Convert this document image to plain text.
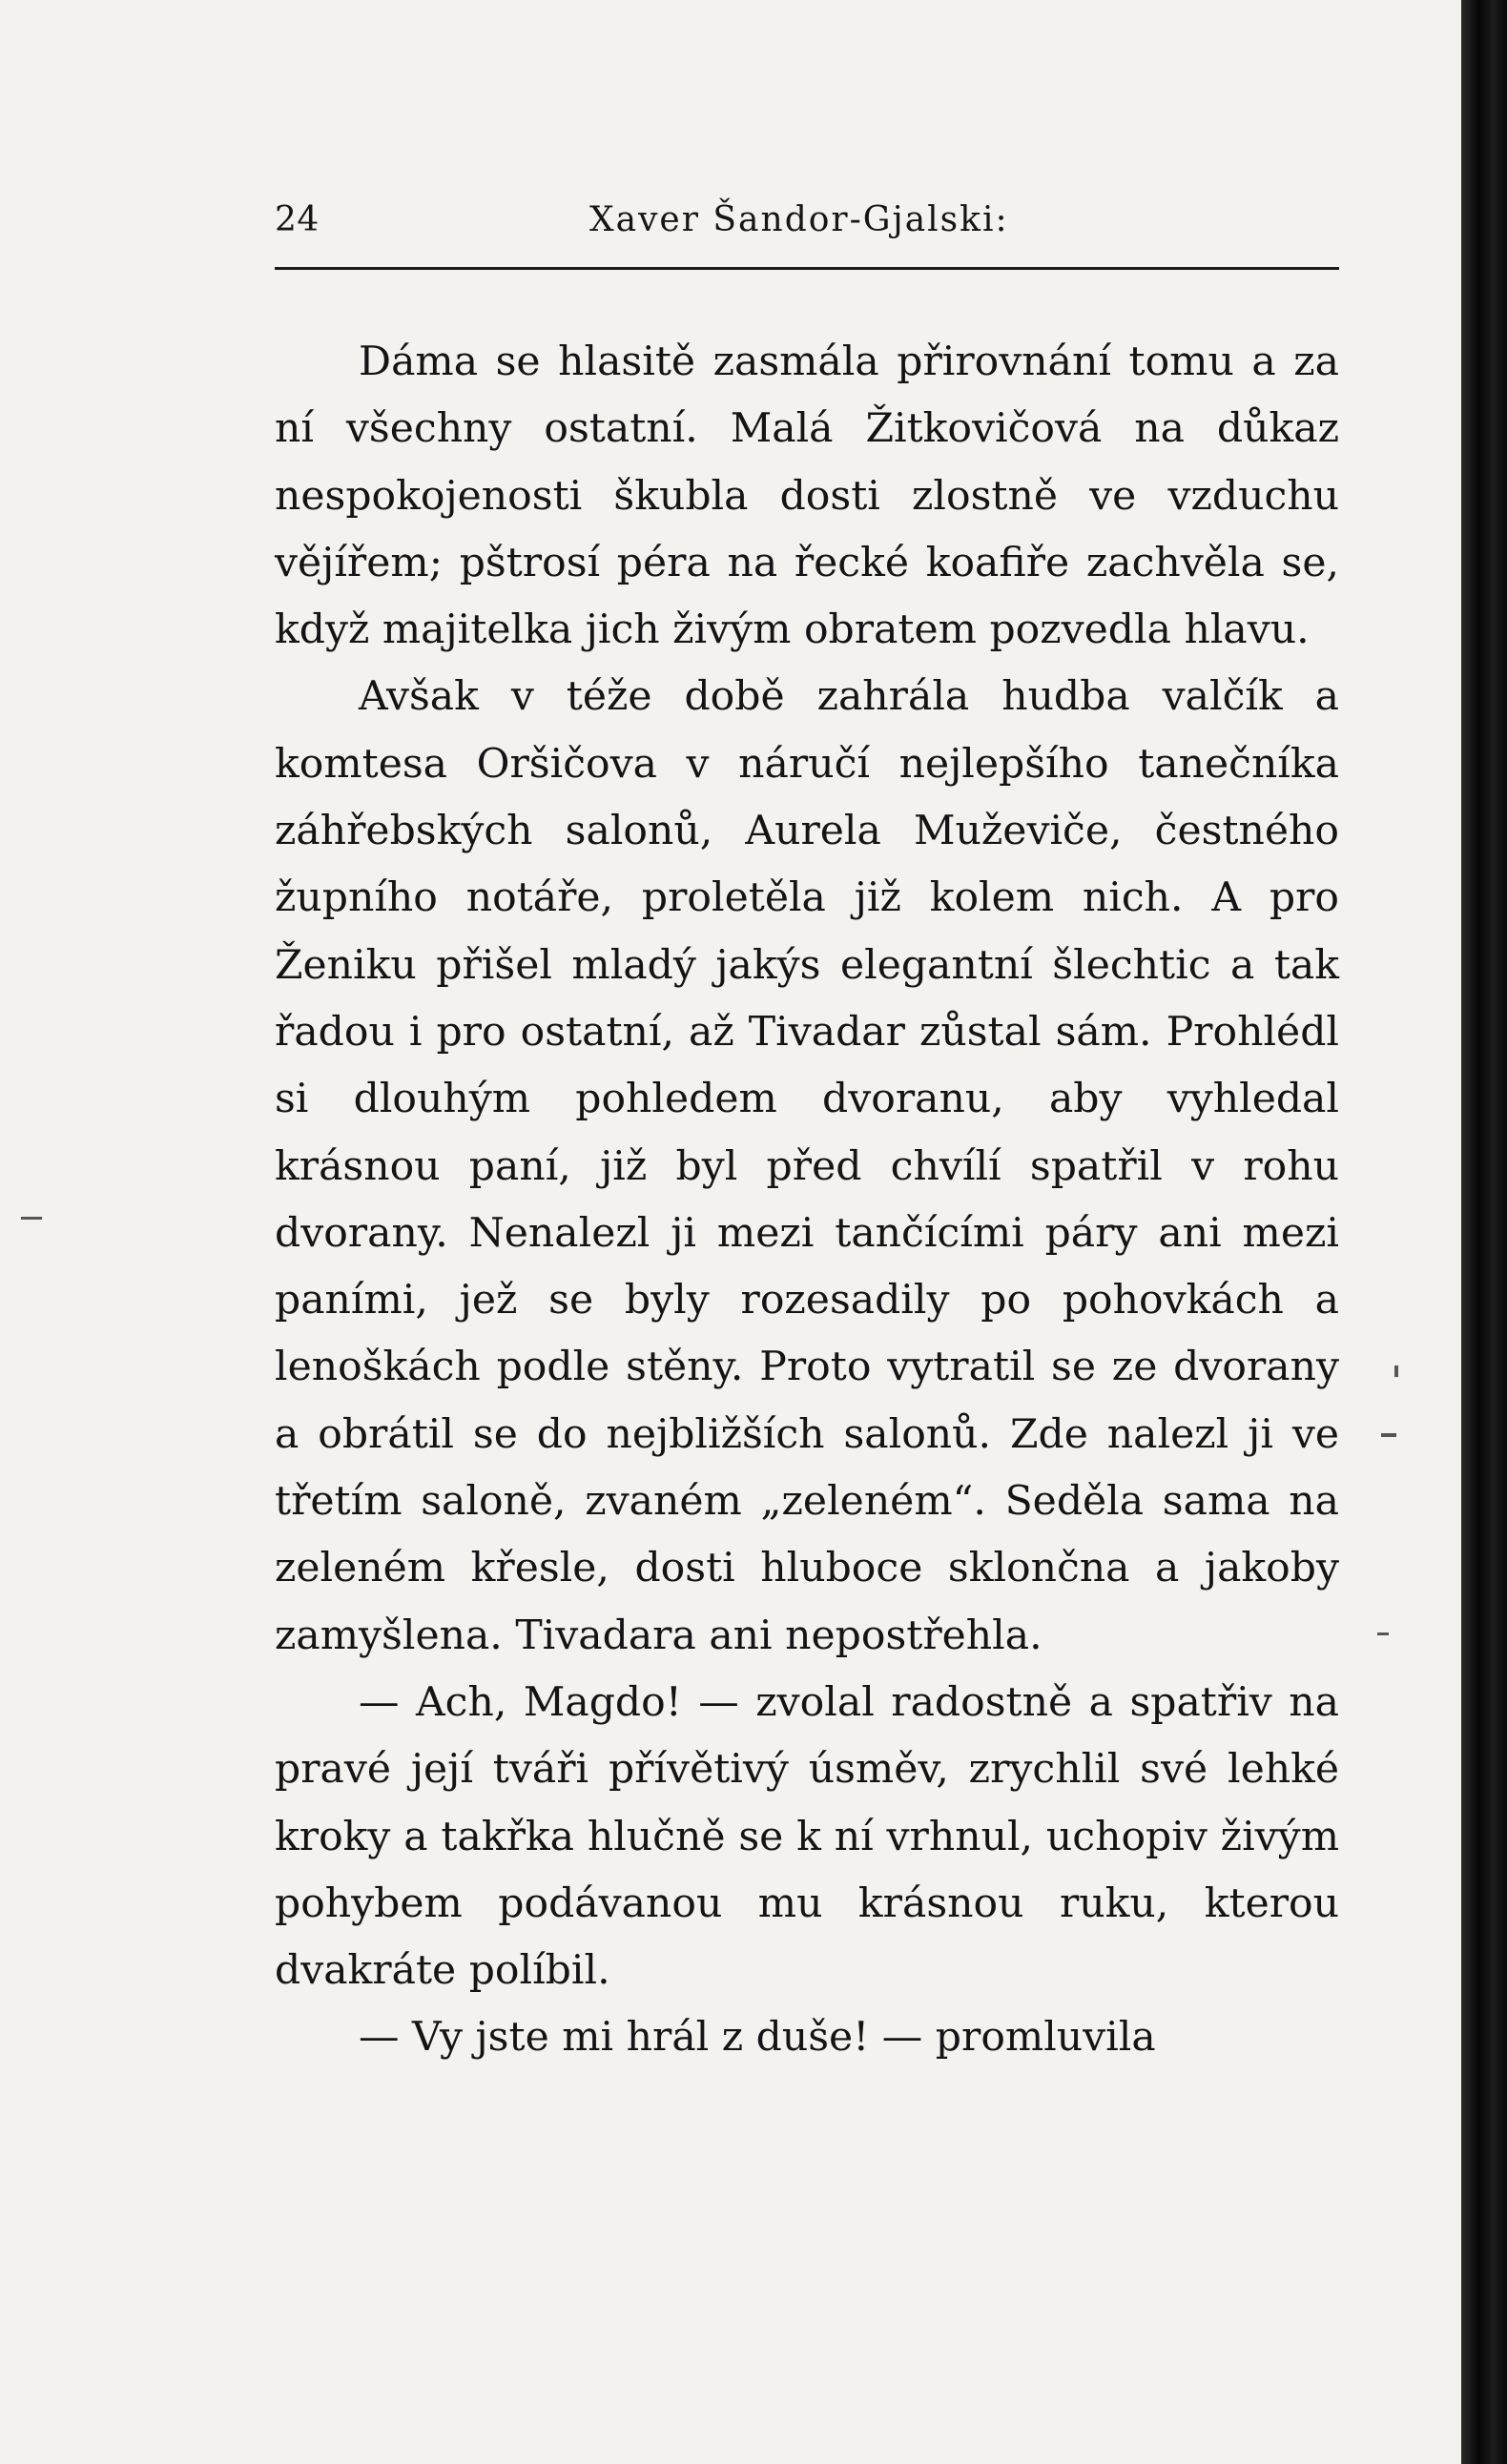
24	Xaver Šandor-Gjalski:

Dáma se hlasitě zasmála přirovnání tomu a za ní všechny ostatní. Malá Žitkovičová na důkaz nespokojenosti škubla dosti zlostně ve vzduchu vějířem; pštrosí péra na řecké koafiře zachvěla se, když majitelka jich živým obratem pozvedla hlavu.

Avšak v téže době zahrála hudba valčík a komtesa Oršičova v náručí nejlepšího tanečníka záhřebských salonů, Aurela Muževiče, čestného župního notáře, proletěla již kolem nich. A pro Ženiku přišel mladý jakýs elegantní šlechtic a tak řadou i pro ostatní, až Tivadar zůstal sám. Prohlédl si dlouhým pohledem dvoranu, aby vyhledal krásnou paní, již byl před chvílí spatřil v rohu dvorany. Nenalezl ji mezi tančícími páry ani mezi paními, jež se byly rozesadily po pohovkách a lenoškách podle stěny. Proto vytratil se ze dvorany a obrátil se do nejbližších salonů. Zde nalezl ji ve třetím saloně, zvaném „zeleném“. Seděla sama na zeleném křesle, dosti hluboce sklončna a jakoby zamyšlena. Tivadara ani nepostřehla.

— Ach, Magdo! — zvolal radostně a spatřiv na pravé její tváři přívětivý úsměv, zrychlil své lehké kroky a takřka hlučně se k ní vrhnul, uchopiv živým pohybem podávanou mu krásnou ruku, kterou dvakráte políbil.

— Vy jste mi hrál z duše! — promluvila
